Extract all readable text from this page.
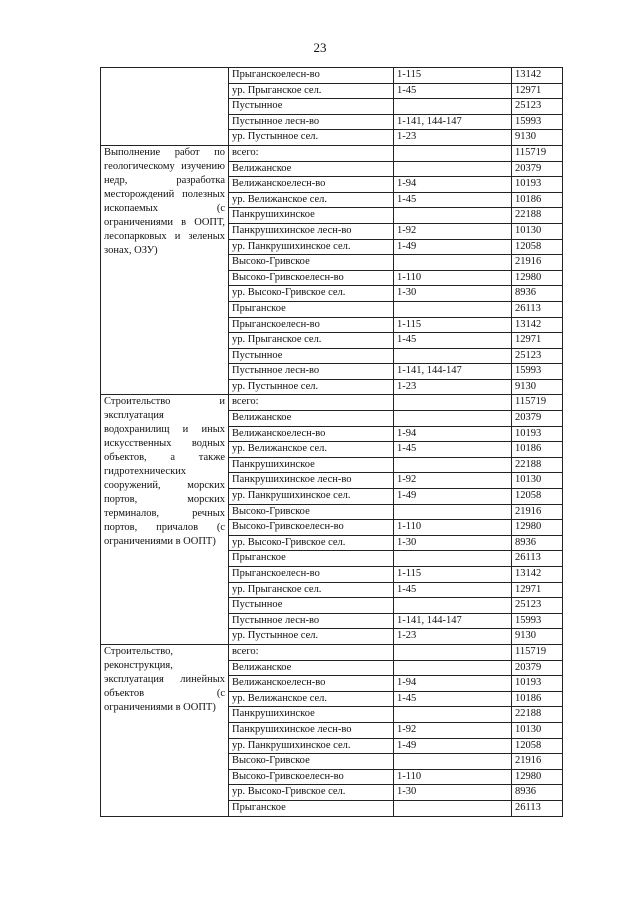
23
	Прыганскоелесн-во	1-115	13142
	ур. Прыганское сел.	1-45	12971
	Пустынное		25123
	Пустынное лесн-во	1-141, 144-147	15993
	ур. Пустынное сел.	1-23	9130
Выполнение работ по геологическому изучению недр, разработка месторождений полезных ископаемых (с ограничениями в ООПТ, лесопарковых и зеленых зонах, ОЗУ)	всего:		115719
	Велижанское		20379
	Велижанскоелесн-во	1-94	10193
	ур. Велижанское сел.	1-45	10186
	Панкрушихинское		22188
	Панкрушихинское лесн-во	1-92	10130
	ур. Панкрушихинское сел.	1-49	12058
	Высоко-Гривское		21916
	Высоко-Гривскоелесн-во	1-110	12980
	ур. Высоко-Гривское сел.	1-30	8936
	Прыганское		26113
	Прыганскоелесн-во	1-115	13142
	ур. Прыганское сел.	1-45	12971
	Пустынное		25123
	Пустынное лесн-во	1-141, 144-147	15993
	ур. Пустынное сел.	1-23	9130
Строительство и эксплуатация водохранилищ и иных искусственных водных объектов, а также гидротехнических сооружений, морских портов, морских терминалов, речных портов, причалов (с ограничениями в ООПТ)	всего:		115719
	Велижанское		20379
	Велижанскоелесн-во	1-94	10193
	ур. Велижанское сел.	1-45	10186
	Панкрушихинское		22188
	Панкрушихинское лесн-во	1-92	10130
	ур. Панкрушихинское сел.	1-49	12058
	Высоко-Гривское		21916
	Высоко-Гривскоелесн-во	1-110	12980
	ур. Высоко-Гривское сел.	1-30	8936
	Прыганское		26113
	Прыганскоелесн-во	1-115	13142
	ур. Прыганское сел.	1-45	12971
	Пустынное		25123
	Пустынное лесн-во	1-141, 144-147	15993
	ур. Пустынное сел.	1-23	9130
Строительство, реконструкция, эксплуатация линейных объектов (с ограничениями в ООПТ)	всего:		115719
	Велижанское		20379
	Велижанскоелесн-во	1-94	10193
	ур. Велижанское сел.	1-45	10186
	Панкрушихинское		22188
	Панкрушихинское лесн-во	1-92	10130
	ур. Панкрушихинское сел.	1-49	12058
	Высоко-Гривское		21916
	Высоко-Гривскоелесн-во	1-110	12980
	ур. Высоко-Гривское сел.	1-30	8936
	Прыганское		26113
